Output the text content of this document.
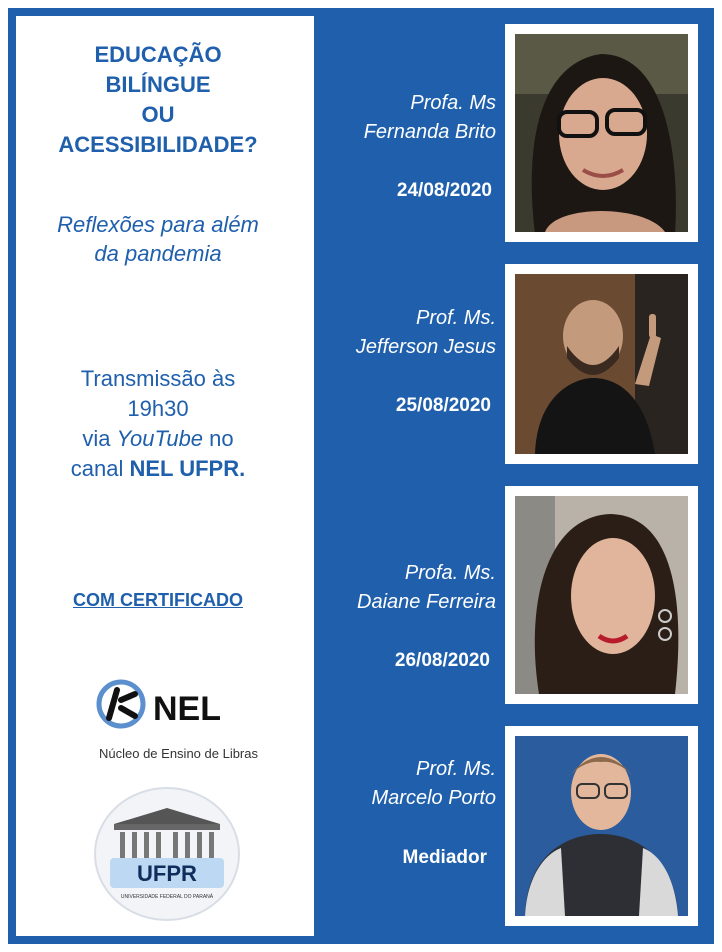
EDUCAÇÃO
BILÍNGUE
OU
ACESSIBILIDADE?
Reflexões para além
da pandemia
Transmissão às
19h30
via YouTube no
canal NEL UFPR.
COM CERTIFICADO
NEL
Núcleo de Ensino de Libras
UFPR
UNIVERSIDADE FEDERAL DO PARANÁ
Profa. Ms
Fernanda Brito
24/08/2020
Prof. Ms.
Jefferson Jesus
25/08/2020
Profa. Ms.
Daiane Ferreira
26/08/2020
Prof. Ms.
Marcelo Porto
Mediador
